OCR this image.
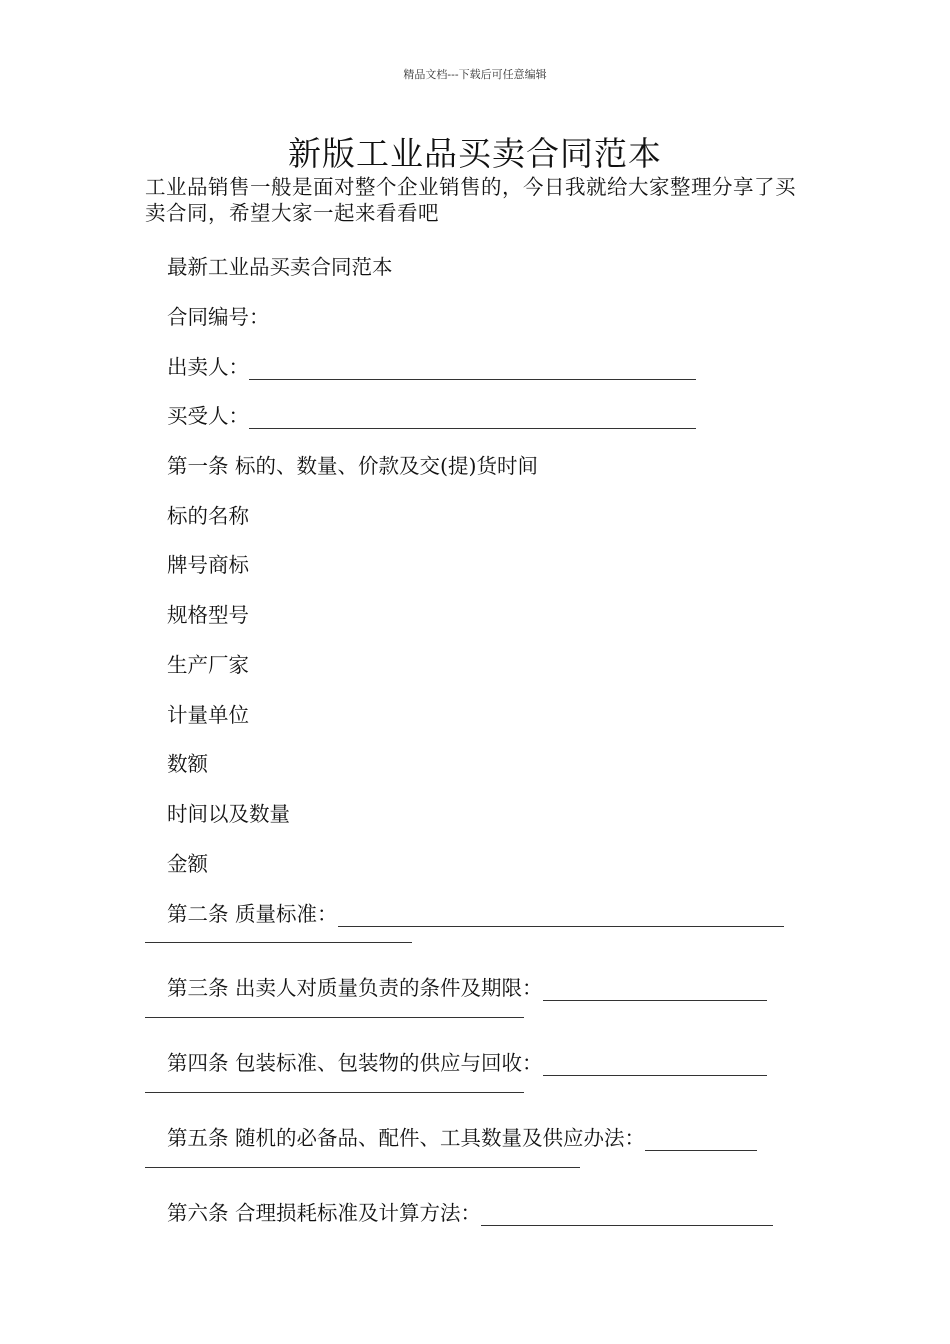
精品文档---下载后可任意编辑
新版工业品买卖合同范本
工业品销售一般是面对整个企业销售的，今日我就给大家整理分享了买卖合同，希望大家一起来看看吧
最新工业品买卖合同范本
合同编号：
出卖人：
买受人：
第一条 标的、数量、价款及交(提)货时间
标的名称
牌号商标
规格型号
生产厂家
计量单位
数额
时间以及数量
金额
第二条 质量标准：
第三条 出卖人对质量负责的条件及期限：
第四条 包装标准、包装物的供应与回收：
第五条 随机的必备品、配件、工具数量及供应办法：
第六条 合理损耗标准及计算方法：
